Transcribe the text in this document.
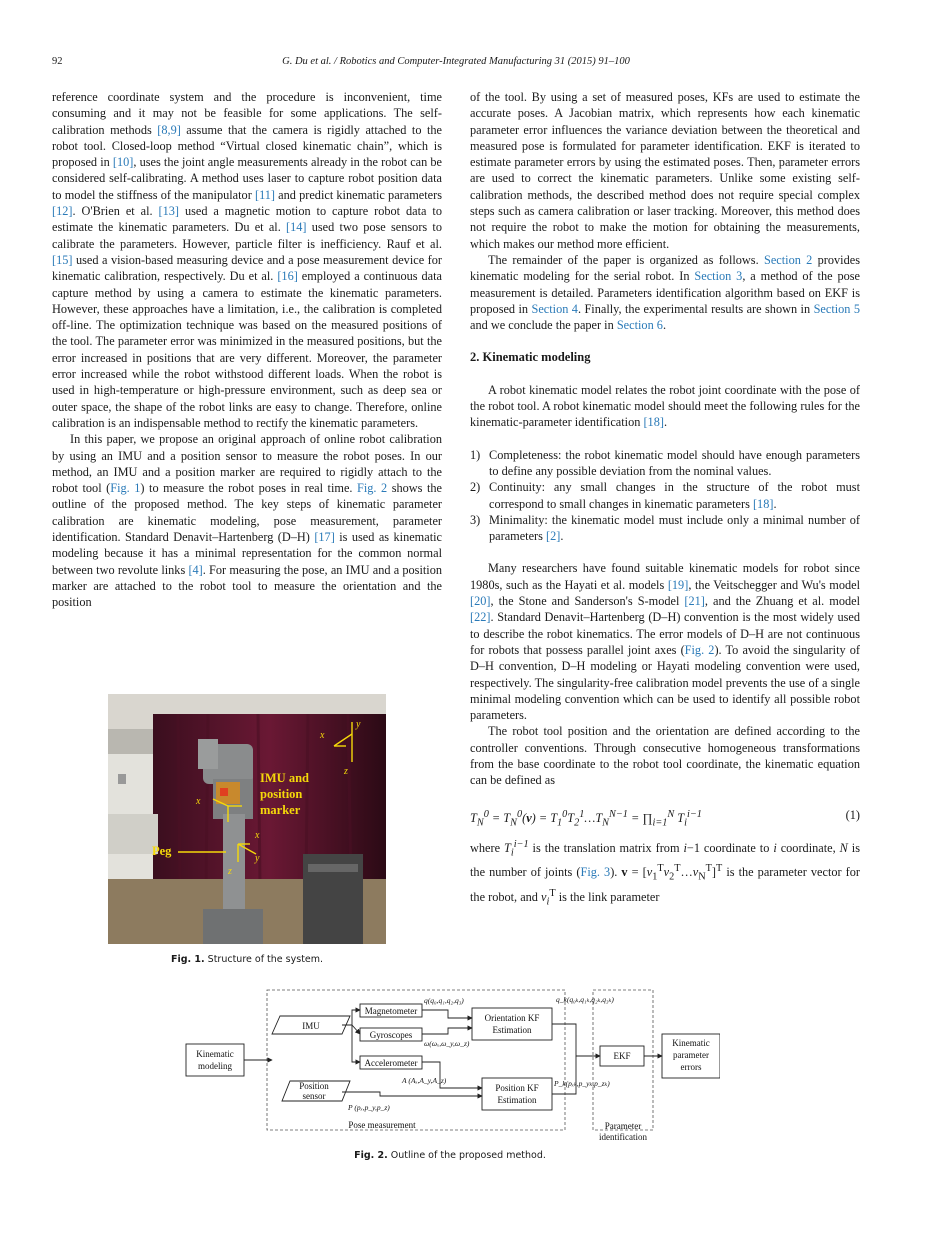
92	G. Du et al. / Robotics and Computer-Integrated Manufacturing 31 (2015) 91–100

reference coordinate system and the procedure is inconvenient, time consuming and it may not be feasible for some applications. The self-calibration methods [8,9] assume that the camera is rigidly attached to the robot tool. Closed-loop method “Virtual closed kinematic chain”, which is proposed in [10], uses the joint angle measurements already in the robot can be considered self-calibrating. A method uses laser to capture robot position data to model the stiffness of the manipulator [11] and predict kinematic parameters [12]. O'Brien et al. [13] used a magnetic motion to capture robot data to estimate the kinematic parameters. Du et al. [14] used two pose sensors to calibrate the parameters. However, particle filter is inefficiency. Rauf et al. [15] used a vision-based measuring device and a pose measurement device for kinematic calibration, respectively. Du et al. [16] employed a continuous data capture method by using a camera to estimate the kinematic parameters. However, these approaches have a limitation, i.e., the calibration is completed off-line. The optimization technique was based on the measured positions of the tool. The parameter error was minimized in the measured positions, but the error increased in positions that are very different. Moreover, the parameter error increased while the robot withstood different loads. When the robot is used in high-temperature or high-pressure environment, such as deep sea or outer space, the shape of the robot links are easy to change. Therefore, online calibration is an indispensable method to rectify the kinematic parameters.

In this paper, we propose an original approach of online robot calibration by using an IMU and a position sensor to measure the robot poses. In our method, an IMU and a position marker are required to rigidly attach to the robot tool (Fig. 1) to measure the robot poses in real time. Fig. 2 shows the outline of the proposed method. The key steps of kinematic parameter calibration are kinematic modeling, pose measurement, parameter identification. Standard Denavit–Hartenberg (D–H) [17] is used as kinematic modeling because it has a minimal representation for the common normal between two revolute links [4]. For measuring the pose, an IMU and a position marker are attached to the robot tool to measure the orientation and the position

of the tool. By using a set of measured poses, KFs are used to estimate the accurate poses. A Jacobian matrix, which represents how each kinematic parameter error influences the variance deviation between the theoretical and measured pose is formulated for parameter identification. EKF is iterated to estimate parameter errors by using the estimated poses. Then, parameter errors are used to correct the kinematic parameters. Unlike some existing self-calibration methods, the described method does not require special complex steps such as camera calibration or laser tracking. Moreover, this method does not require the robot to make the motion for obtaining the measurements, which makes our method more efficient.

The remainder of the paper is organized as follows. Section 2 provides kinematic modeling for the serial robot. In Section 3, a method of the pose measurement is detailed. Parameters identification algorithm based on EKF is proposed in Section 4. Finally, the experimental results are shown in Section 5 and we conclude the paper in Section 6.

2. Kinematic modeling

A robot kinematic model relates the robot joint coordinate with the pose of the robot tool. A robot kinematic model should meet the following rules for the kinematic-parameter identification [18].

1) Completeness: the robot kinematic model should have enough parameters to define any possible deviation from the nominal values.
2) Continuity: any small changes in the structure of the robot must correspond to small changes in kinematic parameters [18].
3) Minimality: the kinematic model must include only a minimal number of parameters [2].

Many researchers have found suitable kinematic models for robot since 1980s, such as the Hayati et al. models [19], the Veitschegger and Wu's model [20], the Stone and Sanderson's S-model [21], and the Zhuang et al. model [22]. Standard Denavit–Hartenberg (D–H) convention is the most widely used to describe the robot kinematics. The error models of D–H are not continuous for robots that possess parallel joint axes (Fig. 2). To avoid the singularity of D–H convention, D–H modeling or Hayati modeling convention were used, respectively. The singularity-free calibration model prevents the use of a single minimal modeling convention which can be used to identify all possible robot parameters.

The robot tool position and the orientation are defined according to the controller conventions. Through consecutive homogeneous transformations from the base coordinate to the robot tool coordinate, the kinematic equation can be defined as

$T_N^0 = T_N^0(v)$ = $T_1^0T_2^1\dots T_N^{N-1}$ = $\prod_{i=1}^N$ $T_i^{i-1}$	(1)

where $T_i^{i-1}$ is the translation matrix from i−1 coordinate to i coordinate, N is the number of joints (Fig. 3). $v = [v_1^Tv_2^T\dots v_N^T]^T$ is the parameter vector for the robot, and $v_i^T$ is the link parameter

x
y
z
x
x
y
z
IMU and
position
marker
Peg
Fig. 1. Structure of the system.
Kinematic
modeling
IMU
Magnetometer
Gyroscopes
Accelerometer
Orientation KF
Estimation
Position KF
Estimation
Position
sensor
EKF
Kinematic
parameter
errors
Pose measurement	Parameter
identification
q(q₀,q₁,q₂,q₃)
ω(ωₓ,ω_y,ω_z)
A (Aₓ,A_y,A_z)
P (pₓ,p_y,p_z)
q_k(q₀ₖ,q₁ₖ,q₂ₖ,q₃ₖ)
P_k(pₓₖ,p_yₖ,p_zₖ)
Fig. 2. Outline of the proposed method.
